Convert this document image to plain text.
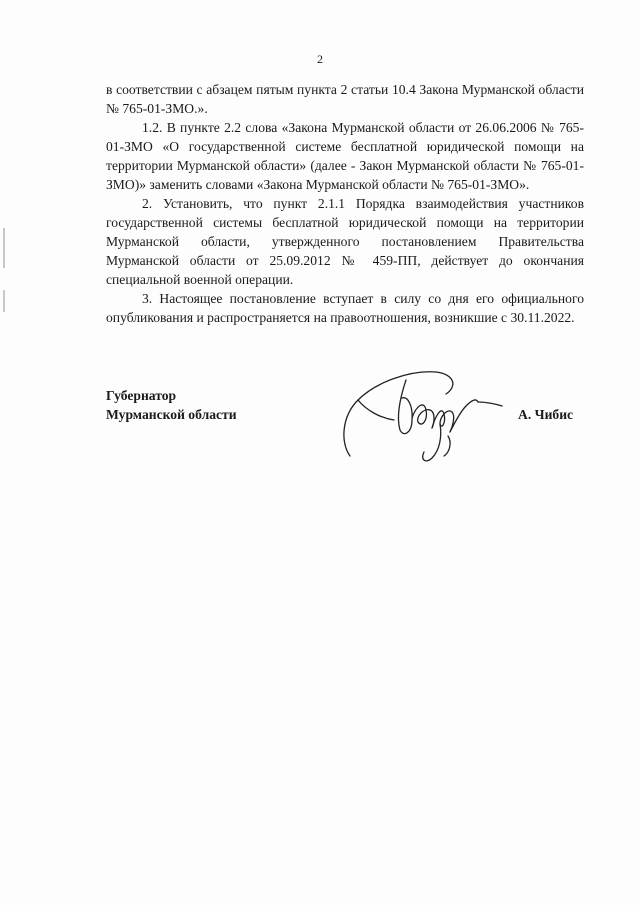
2

в соответствии с абзацем пятым пункта 2 статьи 10.4 Закона Мурманской области № 765-01-ЗМО.».

1.2. В пункте 2.2 слова «Закона Мурманской области от 26.06.2006 № 765-01-ЗМО «О государственной системе бесплатной юридической помощи на территории Мурманской области» (далее - Закон Мурманской области № 765-01-ЗМО)» заменить словами «Закона Мурманской области № 765-01-ЗМО».

2. Установить, что пункт 2.1.1 Порядка взаимодействия участников государственной системы бесплатной юридической помощи на территории Мурманской области, утвержденного постановлением Правительства Мурманской области от 25.09.2012 № 459-ПП, действует до окончания специальной военной операции.

3. Настоящее постановление вступает в силу со дня его официального опубликования и распространяется на правоотношения, возникшие с 30.11.2022.

Губернатор
Мурманской области	А. Чибис
